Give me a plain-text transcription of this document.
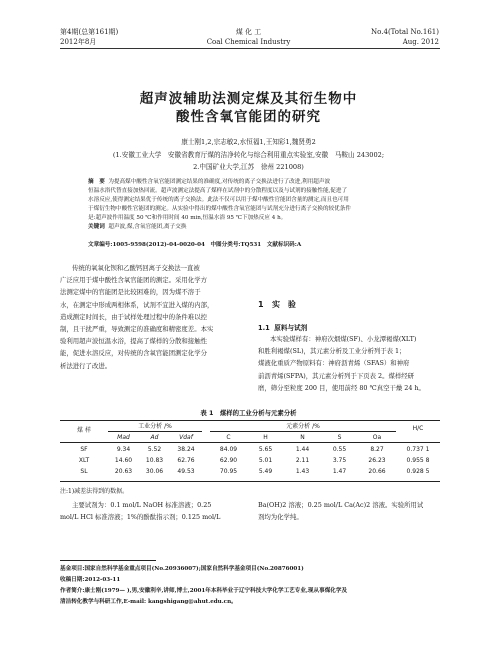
第4期(总第161期)
2012年8月
煤 化 工
Coal Chemical Industry
No.4(Total No.161)
Aug. 2012
超声波辅助法测定煤及其衍生物中
酸性含氧官能团的研究
康士刚1,2,宗志敏2,水恒福1,王知彩1,魏贤勇2
(1.安徽工业大学　安徽省教育厅煤的洁净转化与综合利用重点实验室,安徽　马鞍山 243002;
2.中国矿业大学,江苏　徐州 221008)
摘　要 为提高煤中酸性含氧官能团测定结果的准确度,对传统的离子交换法进行了改进,利用超声波
恒温水浴代替直接加热回流。超声波测定法提高了煤样在试剂中的分散程度以及与试剂的接触性能,促进了
水溶反应,使得测定结果优于传统的离子交换法。此法不仅可以用于煤中酸性官能团含量的测定,而且也可用
于煤衍生物中酸性官能团的测定。从实验中得出的煤中酸性含氧官能团与试剂充分进行离子交换的较优条件
是:超声波作用温度 50 ℃和作用时间 40 min,恒温水浴 95 ℃下加热反应 4 h。
关键词 超声波,煤,含氧官能团,离子交换
文章编号:1005-9598(2012)-04-0020-04　中图分类号:TQ531　文献标识码:A
传统的氧氧化钡和乙酸钙回离子交换法一直被
广泛应用于煤中酸性含氧官能团的测定。采用化学方
法测定煤中的官能团是比较困难的，因为煤不溶于
水，在测定中形成两相体系，试剂不宜进入煤的内部，
造成测定时间长，由于试样处理过程中的条件难以控
制，且干扰严重，导致测定的准确度和精密度差。本实
验利用超声波恒温水浴，提高了煤样的分散和接触性
能，促进水溶反应，对传统的含氧官能团测定化学分
析法进行了改进。
1 实　验
1.1 原料与试剂
本实验煤样有：神府次烟煤(SF)、小龙潭褐煤(XLT)
和胜利褐煤(SL)，其元素分析及工业分析列于表 1；
煤液化重质产物原料有：神府沥青烯（SFAS）和神府
前沥青烯(SFPA)，其元素分析列于下页表 2。煤样经研
磨，筛分至粒度 200 目，使用前经 80 ℃真空干燥 24 h。
表 1　煤样的工业分析与元素分析
煤 样
工业分析 /%	元素分析 /%	H/C
Mad	Ad	Vdaf		C	H	N	S	Oa
SF	9.34	5.52	38.24		84.09	5.65	1.44	0.55	8.27	0.737 1
XLT	14.60	10.83	62.76		62.90	5.01	2.11	3.75	26.23	0.955 8
SL	20.63	30.06	49.53		70.95	5.49	1.43	1.47	20.66	0.928 5
注:1)减差法得到的数据。
主要试剂为：0.1 mol/L NaOH 标准溶液；0.25
mol/L HCl 标准溶液；1%的酚酞指示剂；0.125 mol/L
Ba(OH)2 溶液；0.25 mol/L Ca(Ac)2 溶液。实验所用试
剂均为化学纯。
基金项目:国家自然科学基金重点项目(No.20936007);国家自然科学基金项目(No.20876001)
收稿日期:2012-03-11
作者简介:康士刚(1979— ),男,安徽利辛,讲师,博士,2001年本科毕业于辽宁科技大学化学工艺专业,现从事煤化学及
清洁转化教学与科研工作,E-mail: kangshigang@ahut.edu.cn。
